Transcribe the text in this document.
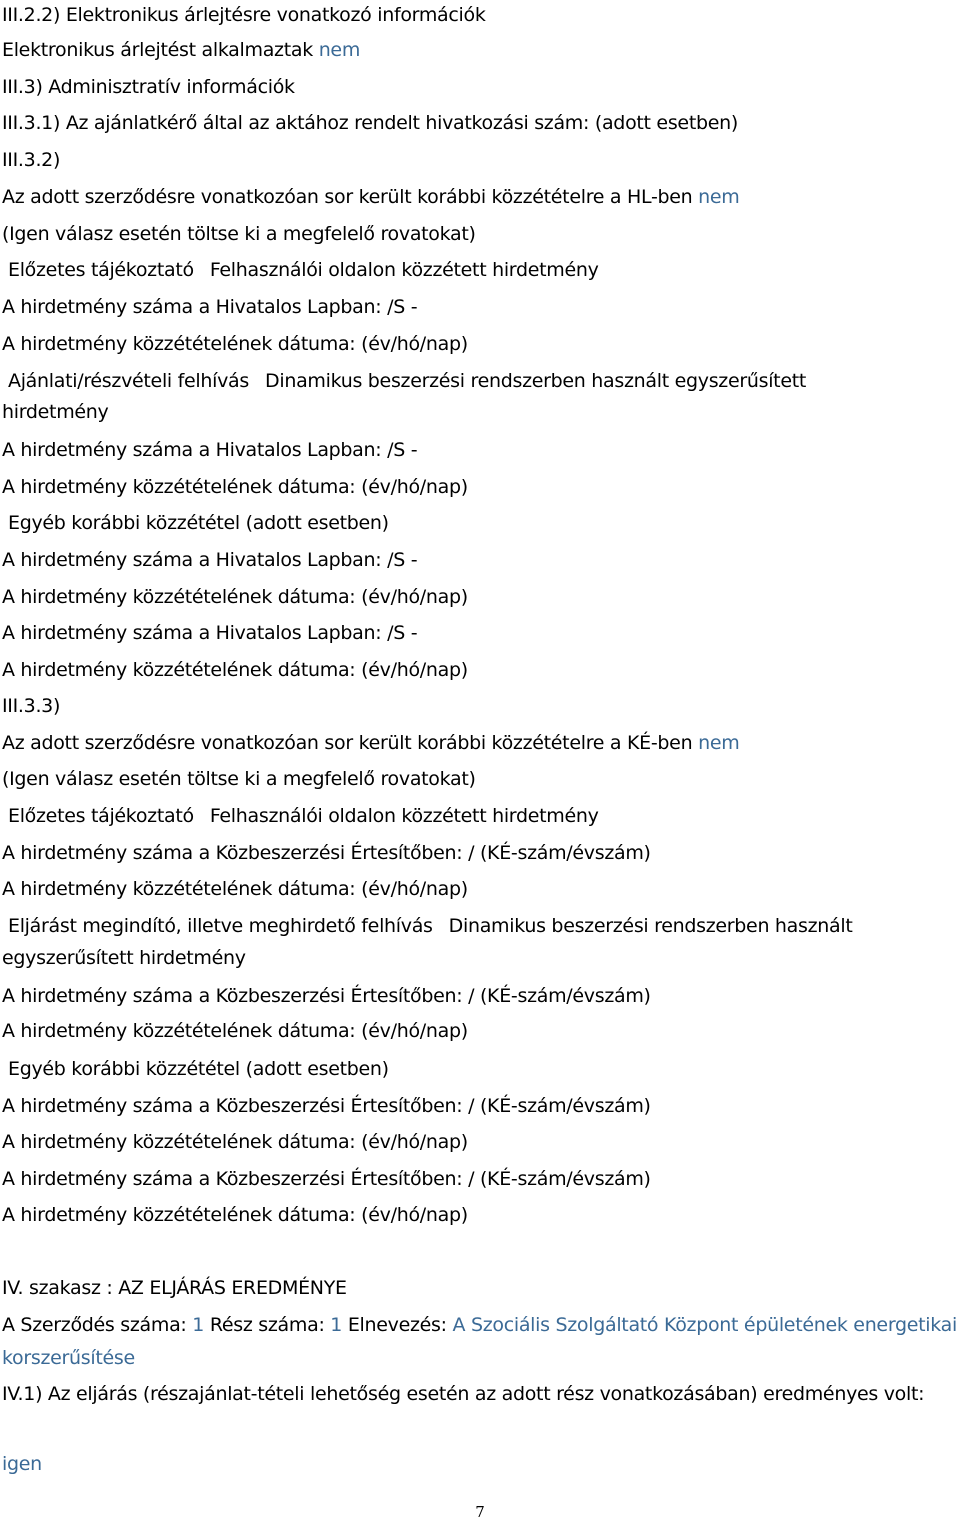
III.2.2) Elektronikus árlejtésre vonatkozó információk
Elektronikus árlejtést alkalmaztak nem
III.3) Adminisztratív információk
III.3.1) Az ajánlatkérő által az aktához rendelt hivatkozási szám: (adott esetben)
III.3.2)
Az adott szerződésre vonatkozóan sor került korábbi közzétételre a HL-ben nem
(Igen válasz esetén töltse ki a megfelelő rovatokat)
Előzetes tájékoztató Felhasználói oldalon közzétett hirdetmény
A hirdetmény száma a Hivatalos Lapban: /S -
A hirdetmény közzétételének dátuma: (év/hó/nap)
Ajánlati/részvételi felhívás Dinamikus beszerzési rendszerben használt egyszerűsített
hirdetmény
A hirdetmény száma a Hivatalos Lapban: /S -
A hirdetmény közzétételének dátuma: (év/hó/nap)
Egyéb korábbi közzététel (adott esetben)
A hirdetmény száma a Hivatalos Lapban: /S -
A hirdetmény közzétételének dátuma: (év/hó/nap)
A hirdetmény száma a Hivatalos Lapban: /S -
A hirdetmény közzétételének dátuma: (év/hó/nap)
III.3.3)
Az adott szerződésre vonatkozóan sor került korábbi közzétételre a KÉ-ben nem
(Igen válasz esetén töltse ki a megfelelő rovatokat)
Előzetes tájékoztató Felhasználói oldalon közzétett hirdetmény
A hirdetmény száma a Közbeszerzési Értesítőben: / (KÉ-szám/évszám)
A hirdetmény közzétételének dátuma: (év/hó/nap)
Eljárást megindító, illetve meghirdető felhívás Dinamikus beszerzési rendszerben használt
egyszerűsített hirdetmény
A hirdetmény száma a Közbeszerzési Értesítőben: / (KÉ-szám/évszám)
A hirdetmény közzétételének dátuma: (év/hó/nap)
Egyéb korábbi közzététel (adott esetben)
A hirdetmény száma a Közbeszerzési Értesítőben: / (KÉ-szám/évszám)
A hirdetmény közzétételének dátuma: (év/hó/nap)
A hirdetmény száma a Közbeszerzési Értesítőben: / (KÉ-szám/évszám)
A hirdetmény közzétételének dátuma: (év/hó/nap)
IV. szakasz : AZ ELJÁRÁS EREDMÉNYE
A Szerződés száma: 1 Rész száma: 1 Elnevezés: A Szociális Szolgáltató Központ épületének energetikai korszerűsítése
IV.1) Az eljárás (részajánlat-tételi lehetőség esetén az adott rész vonatkozásában) eredményes volt:
igen
7
